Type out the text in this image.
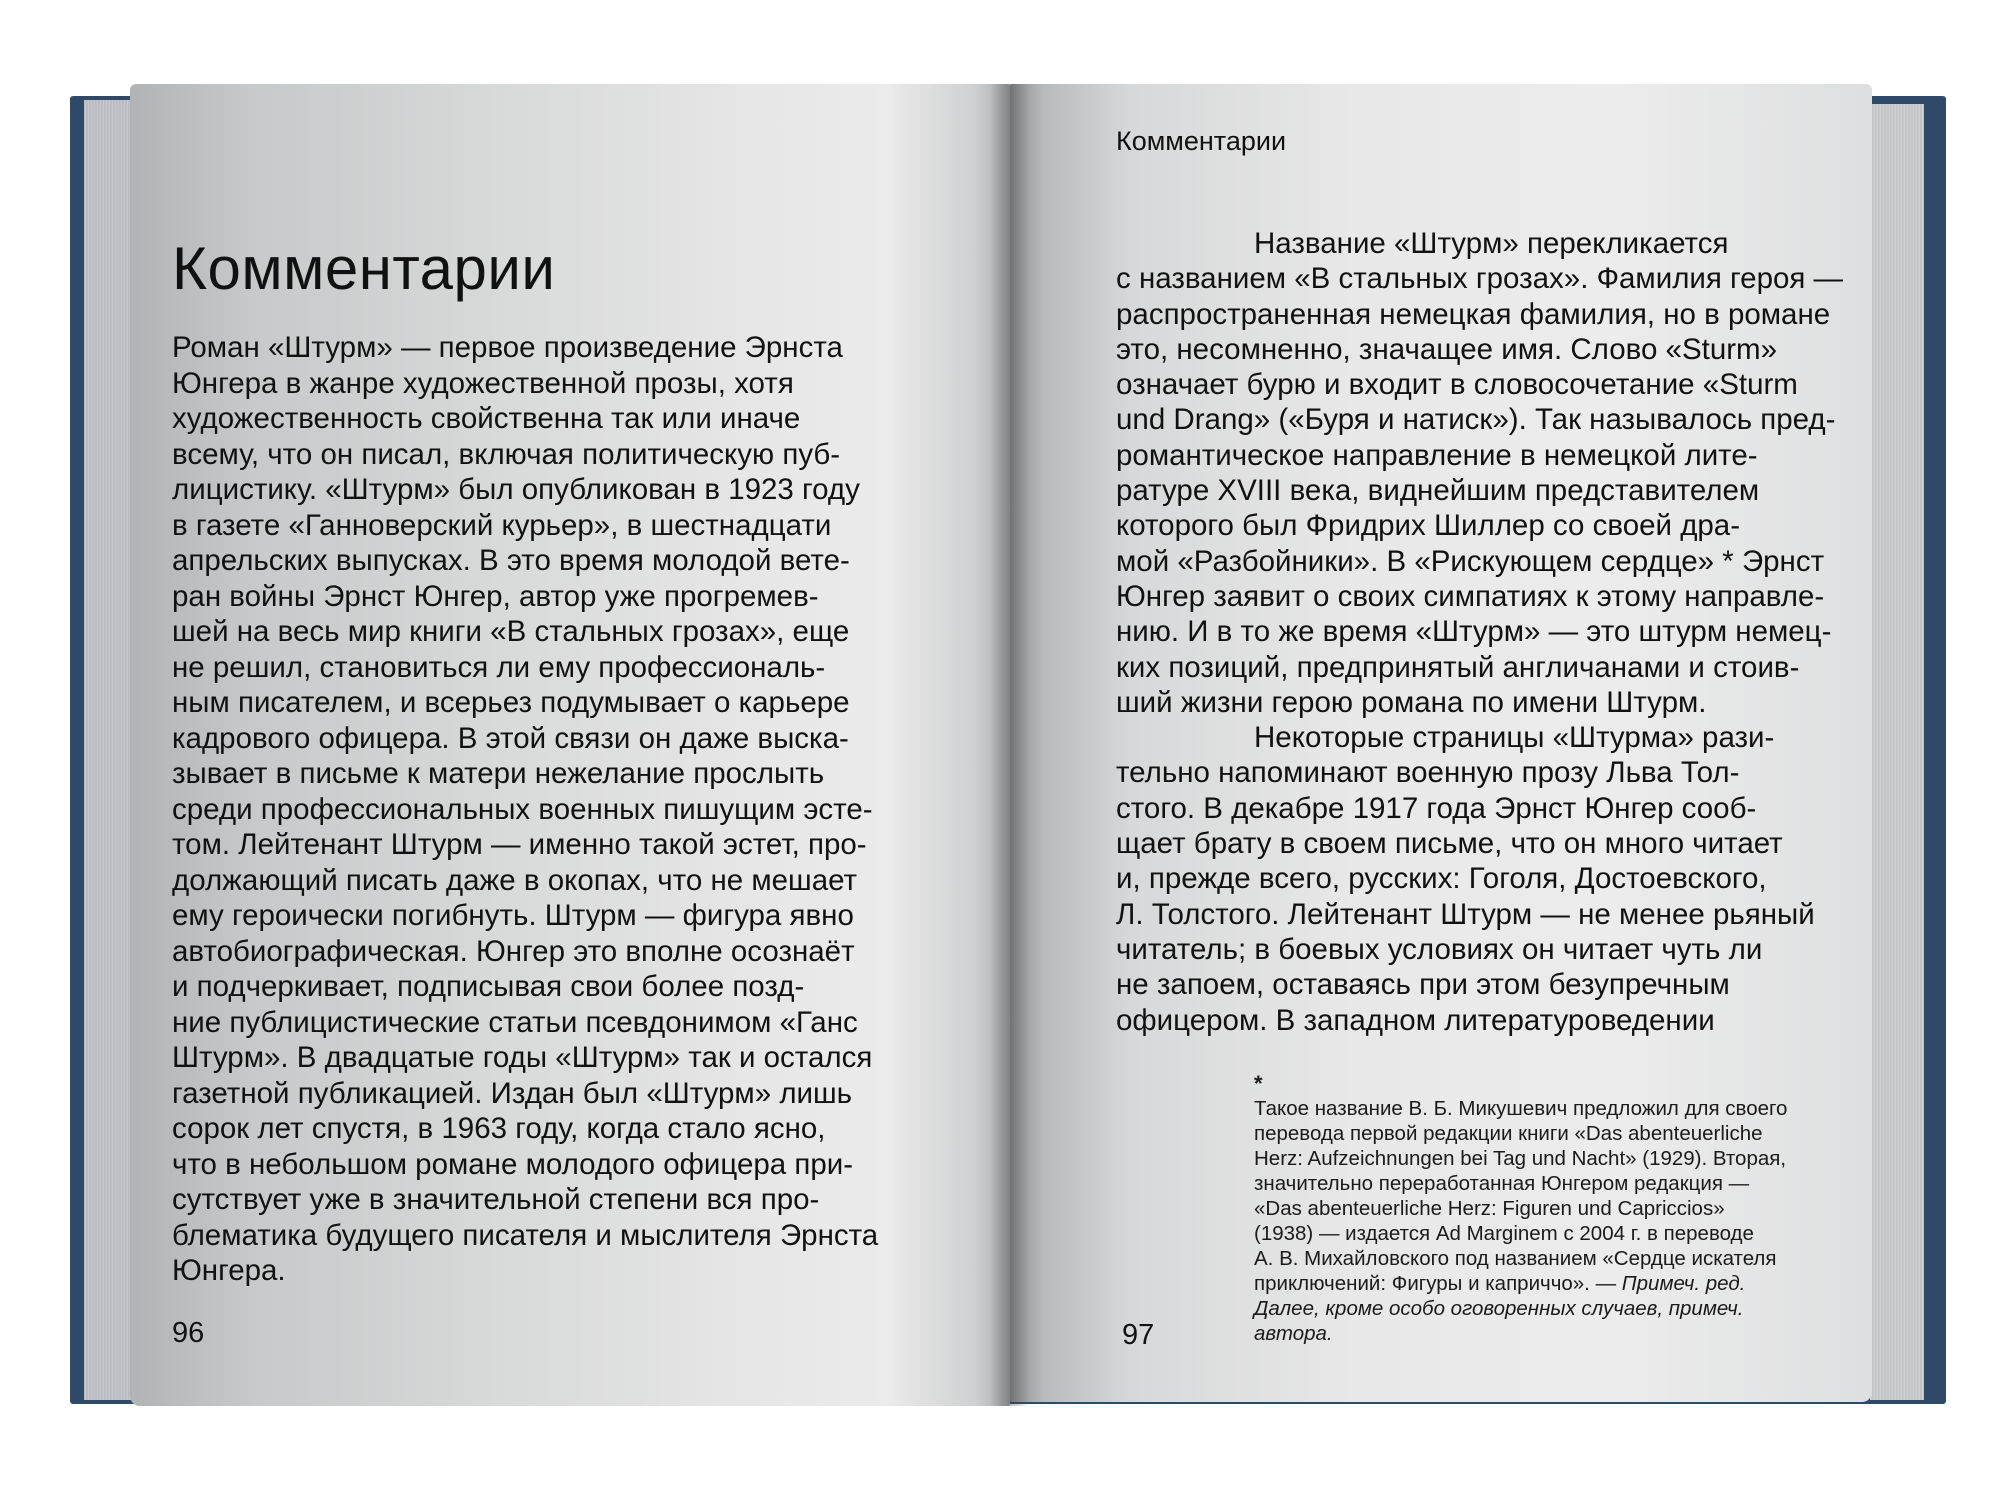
Комментарии
Роман «Штурм» — первое произведение Эрнста
Юнгера в жанре художественной прозы, хотя
художественность свойственна так или иначе
всему, что он писал, включая политическую пуб-
лицистику. «Штурм» был опубликован в 1923 году
в газете «Ганноверский курьер», в шестнадцати
апрельских выпусках. В это время молодой вете-
ран войны Эрнст Юнгер, автор уже прогремев-
шей на весь мир книги «В стальных грозах», еще
не решил, становиться ли ему профессиональ-
ным писателем, и всерьез подумывает о карьере
кадрового офицера. В этой связи он даже выска-
зывает в письме к матери нежелание прослыть
среди профессиональных военных пишущим эсте-
том. Лейтенант Штурм — именно такой эстет, про-
должающий писать даже в окопах, что не мешает
ему героически погибнуть. Штурм — фигура явно
автобиографическая. Юнгер это вполне осознаёт
и подчеркивает, подписывая свои более позд-
ние публицистические статьи псевдонимом «Ганс
Штурм». В двадцатые годы «Штурм» так и остался
газетной публикацией. Издан был «Штурм» лишь
сорок лет спустя, в 1963 году, когда стало ясно,
что в небольшом романе молодого офицера при-
сутствует уже в значительной степени вся про-
блематика будущего писателя и мыслителя Эрнста
Юнгера.
96
Комментарии
Название «Штурм» перекликается
с названием «В стальных грозах». Фамилия героя —
распространенная немецкая фамилия, но в романе
это, несомненно, значащее имя. Слово «Sturm»
означает бурю и входит в словосочетание «Sturm
und Drang» («Буря и натиск»). Так называлось пред-
романтическое направление в немецкой лите-
ратуре XVIII века, виднейшим представителем
которого был Фридрих Шиллер со своей дра-
мой «Разбойники». В «Рискующем сердце» * Эрнст
Юнгер заявит о своих симпатиях к этому направле-
нию. И в то же время «Штурм» — это штурм немец-
ких позиций, предпринятый англичанами и стоив-
ший жизни герою романа по имени Штурм.
Некоторые страницы «Штурма» рази-
тельно напоминают военную прозу Льва Тол-
стого. В декабре 1917 года Эрнст Юнгер сооб-
щает брату в своем письме, что он много читает
и, прежде всего, русских: Гоголя, Достоевского,
Л. Толстого. Лейтенант Штурм — не менее рьяный
читатель; в боевых условиях он читает чуть ли
не запоем, оставаясь при этом безупречным
офицером. В западном литературоведении
*
Такое название В. Б. Микушевич предложил для своего
перевода первой редакции книги «Das abenteuerliche
Herz: Aufzeichnungen bei Tag und Nacht» (1929). Вторая,
значительно переработанная Юнгером редакция —
«Das abenteuerliche Herz: Figuren und Capriccios»
(1938) — издается Ad Marginem с 2004 г. в переводе
А. В. Михайловского под названием «Сердце искателя
приключений: Фигуры и каприччо». — Примеч. ред.
Далее, кроме особо оговоренных случаев, примеч.
автора.
97
